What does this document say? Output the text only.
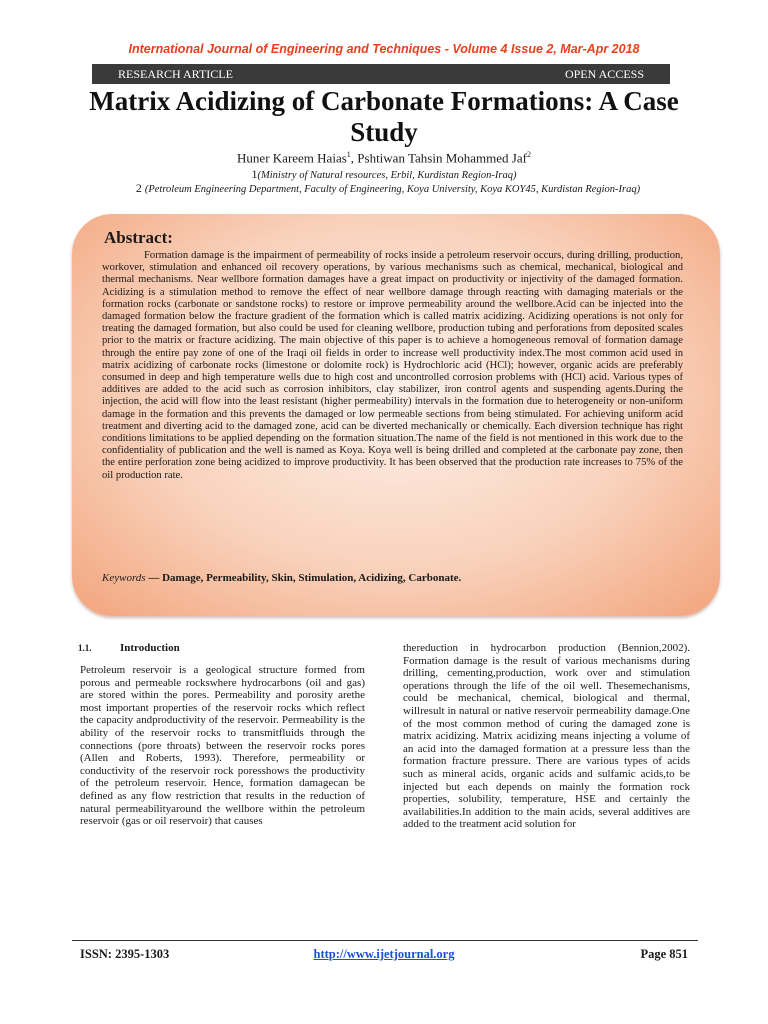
International Journal of Engineering and Techniques - Volume 4 Issue 2, Mar-Apr 2018
RESEARCH ARTICLE	OPEN ACCESS
Matrix Acidizing of Carbonate Formations: A Case Study
Huner Kareem Haias$^1$, Pshtiwan Tahsin Mohammed Jaf$^2$
1(Ministry of Natural resources, Erbil, Kurdistan Region-Iraq)
2 (Petroleum Engineering Department, Faculty of Engineering, Koya University, Koya KOY45, Kurdistan Region-Iraq)
Abstract:

Formation damage is the impairment of permeability of rocks inside a petroleum reservoir occurs, during drilling, production, workover, stimulation and enhanced oil recovery operations, by various mechanisms such as chemical, mechanical, biological and thermal mechanisms. Near wellbore formation damages have a great impact on productivity or injectivity of the damaged formation. Acidizing is a stimulation method to remove the effect of near wellbore damage through reacting with damaging materials or the formation rocks (carbonate or sandstone rocks) to restore or improve permeability around the wellbore.Acid can be injected into the damaged formation below the fracture gradient of the formation which is called matrix acidizing. Acidizing operations is not only for treating the damaged formation, but also could be used for cleaning wellbore, production tubing and perforations from deposited scales prior to the matrix or fracture acidizing. The main objective of this paper is to achieve a homogeneous removal of formation damage through the entire pay zone of one of the Iraqi oil fields in order to increase well productivity index.The most common acid used in matrix acidizing of carbonate rocks (limestone or dolomite rock) is Hydrochloric acid (HCl); however, organic acids are preferably consumed in deep and high temperature wells due to high cost and uncontrolled corrosion problems with (HCl) acid. Various types of additives are added to the acid such as corrosion inhibitors, clay stabilizer, iron control agents and suspending agents.During the injection, the acid will flow into the least resistant (higher permeability) intervals in the formation due to heterogeneity or non-uniform damage in the formation and this prevents the damaged or low permeable sections from being stimulated. For achieving uniform acid treatment and diverting acid to the damaged zone, acid can be diverted mechanically or chemically. Each diversion technique has right conditions limitations to be applied depending on the formation situation.The name of the field is not mentioned in this work due to the confidentiality of publication and the well is named as Koya. Koya well is being drilled and completed at the carbonate pay zone, then the entire perforation zone being acidized to improve productivity. It has been observed that the production rate increases to 75% of the oil production rate.

Keywords — Damage, Permeability, Skin, Stimulation, Acidizing, Carbonate.
1.1.	Introduction

Petroleum reservoir is a geological structure formed from porous and permeable rockswhere hydrocarbons (oil and gas) are stored within the pores. Permeability and porosity arethe most important properties of the reservoir rocks which reflect the capacity andproductivity of the reservoir. Permeability is the ability of the reservoir rocks to transmitfluids through the connections (pore throats) between the reservoir rocks pores (Allen and Roberts, 1993). Therefore, permeability or conductivity of the reservoir rock poresshows the productivity of the petroleum reservoir. Hence, formation damagecan be defined as any flow restriction that results in the reduction of natural permeabilityaround the wellbore within the petroleum reservoir (gas or oil reservoir) that causes

thereduction in hydrocarbon production (Bennion,2002). Formation damage is the result of various mechanisms during drilling, cementing,production, work over and stimulation operations through the life of the oil well. Thesemechanisms, could be mechanical, chemical, biological and thermal, willresult in natural or native reservoir permeability damage.One of the most common method of curing the damaged zone is matrix acidizing. Matrix acidizing means injecting a volume of an acid into the damaged formation at a pressure less than the formation fracture pressure. There are various types of acids such as mineral acids, organic acids and sulfamic acids,to be injected but each depends on mainly the formation rock properties, solubility, temperature, HSE and certainly the availabilities.In addition to the main acids, several additives are added to the treatment acid solution for

ISSN: 2395-1303	http://www.ijetjournal.org	Page 851
